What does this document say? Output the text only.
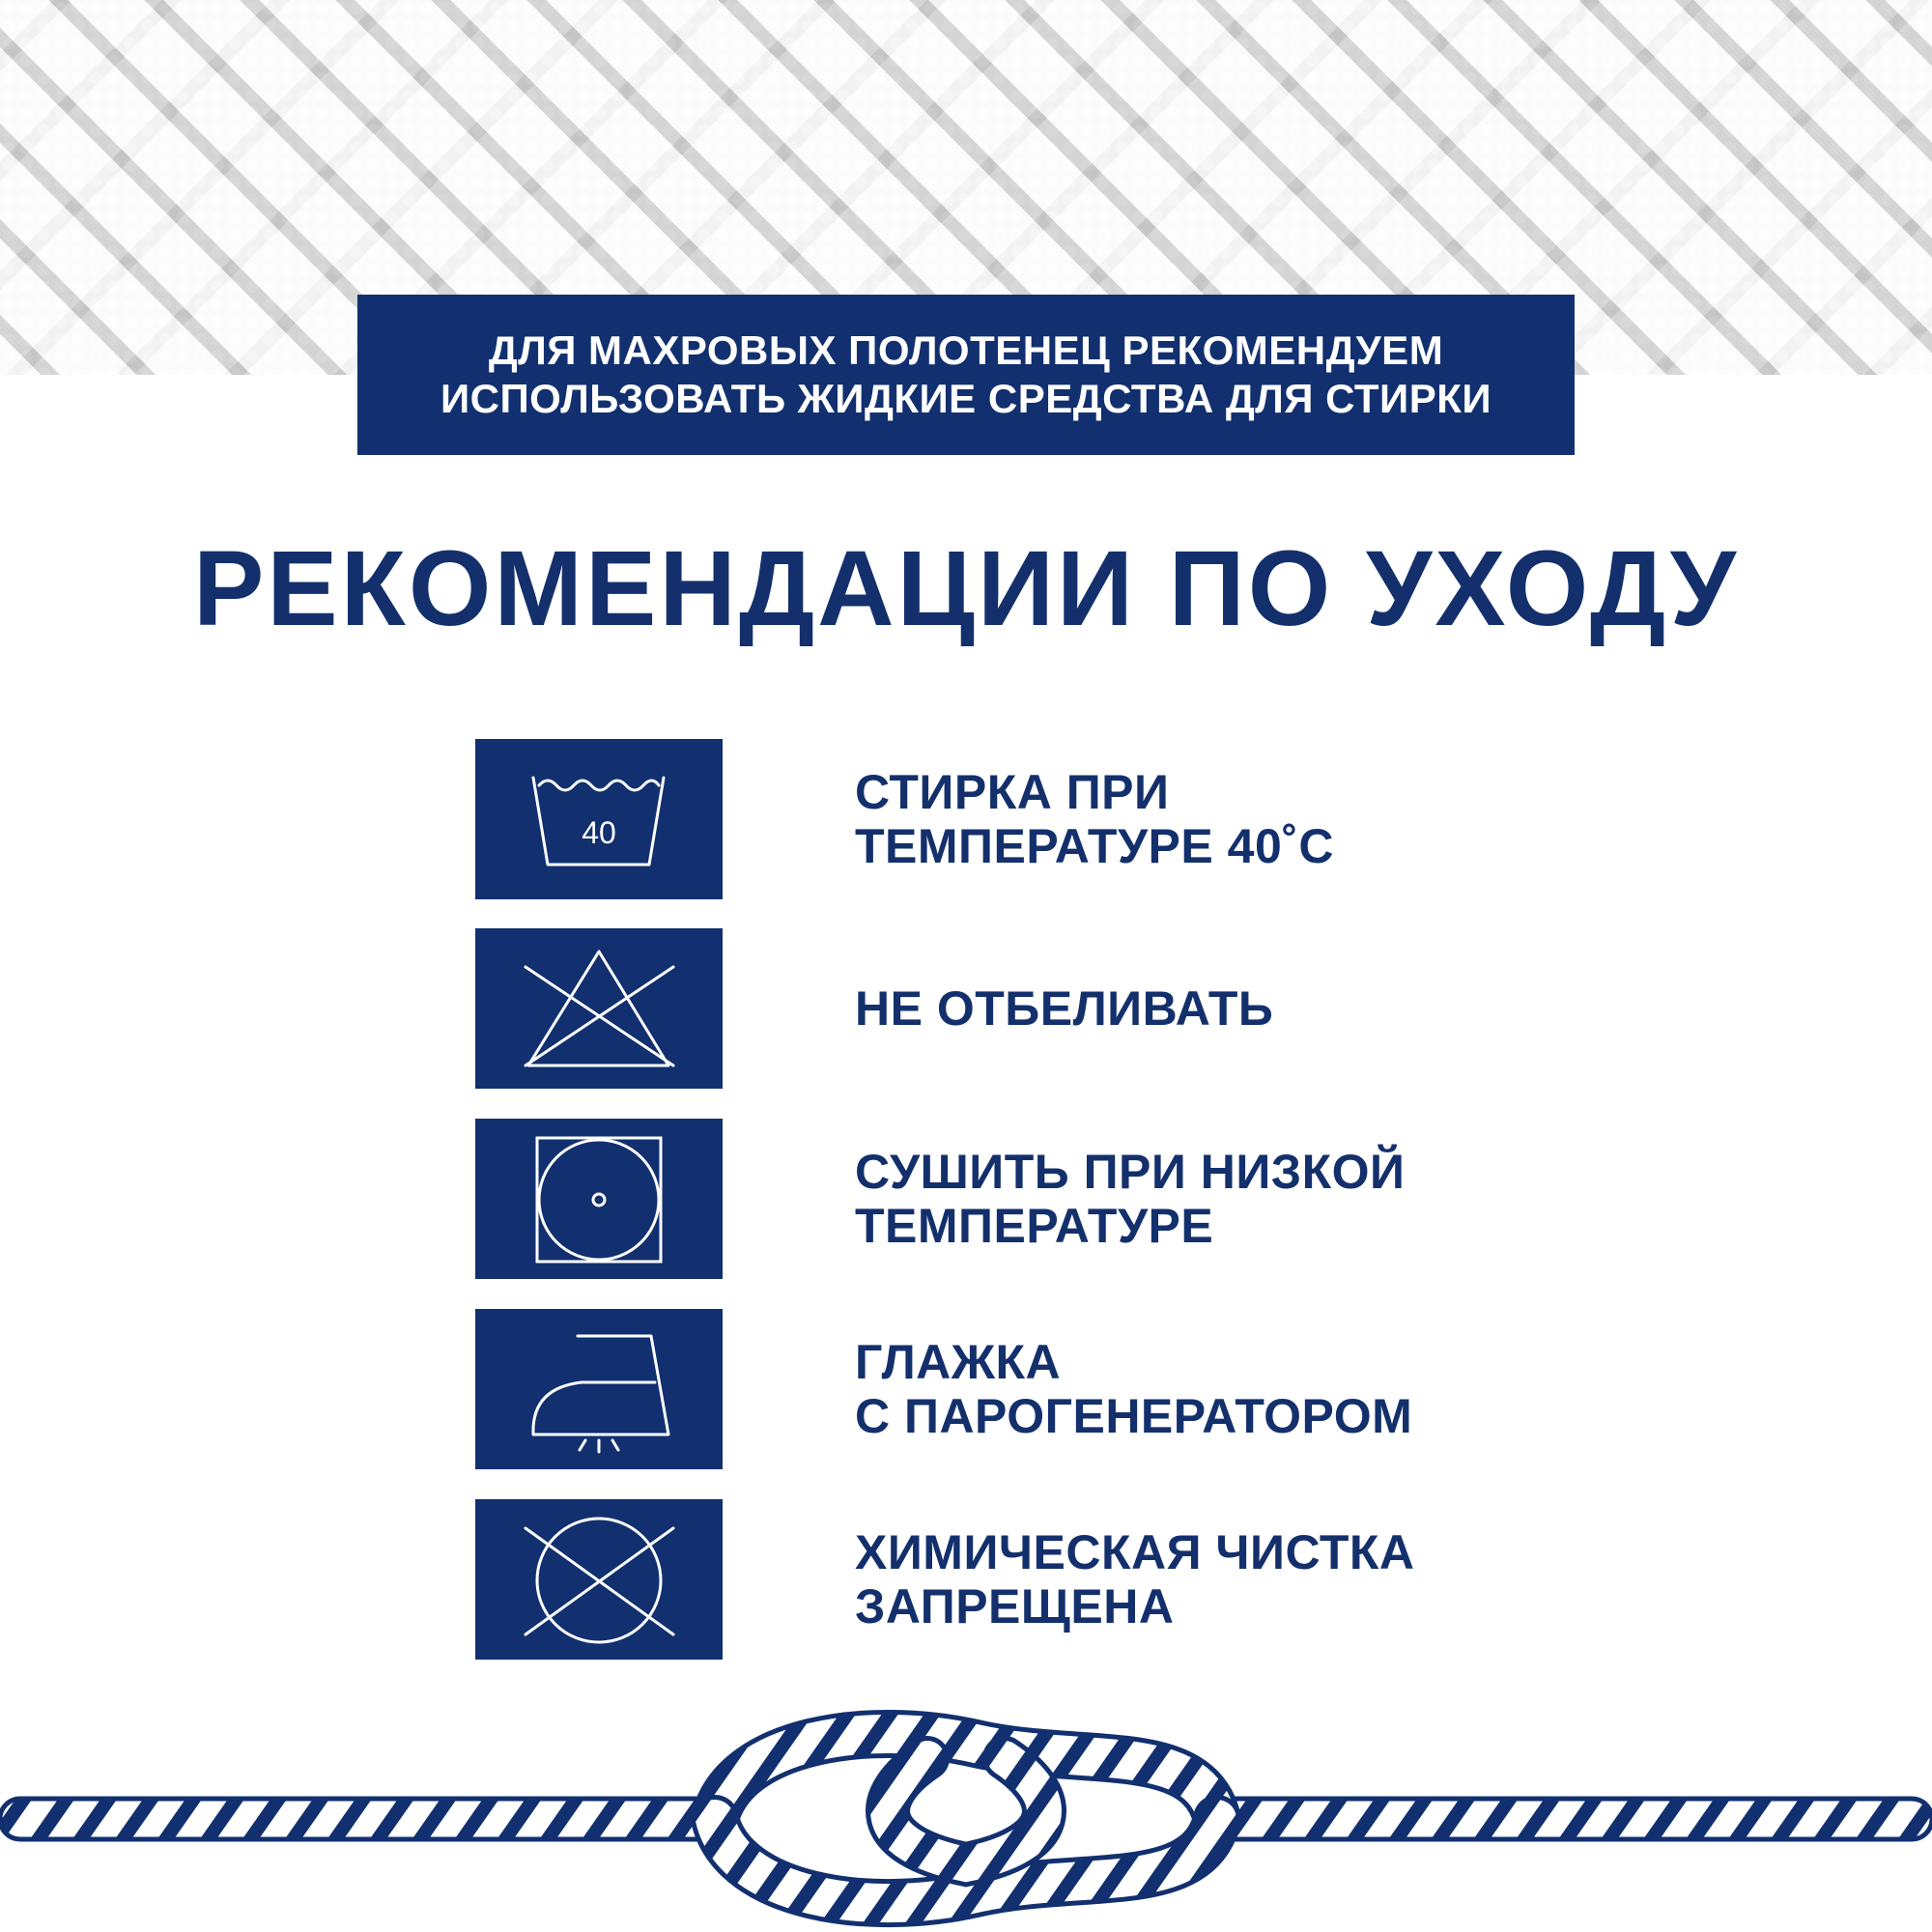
ДЛЯ МАХРОВЫХ ПОЛОТЕНЕЦ РЕКОМЕНДУЕМ
ИСПОЛЬЗОВАТЬ ЖИДКИЕ СРЕДСТВА ДЛЯ СТИРКИ
РЕКОМЕНДАЦИИ ПО УХОДУ
40
СТИРКА ПРИ
ТЕМПЕРАТУРЕ 40˚С
НЕ ОТБЕЛИВАТЬ
СУШИТЬ ПРИ НИЗКОЙ
ТЕМПЕРАТУРЕ
ГЛАЖКА
С ПАРОГЕНЕРАТОРОМ
ХИМИЧЕСКАЯ ЧИСТКА
ЗАПРЕЩЕНА
